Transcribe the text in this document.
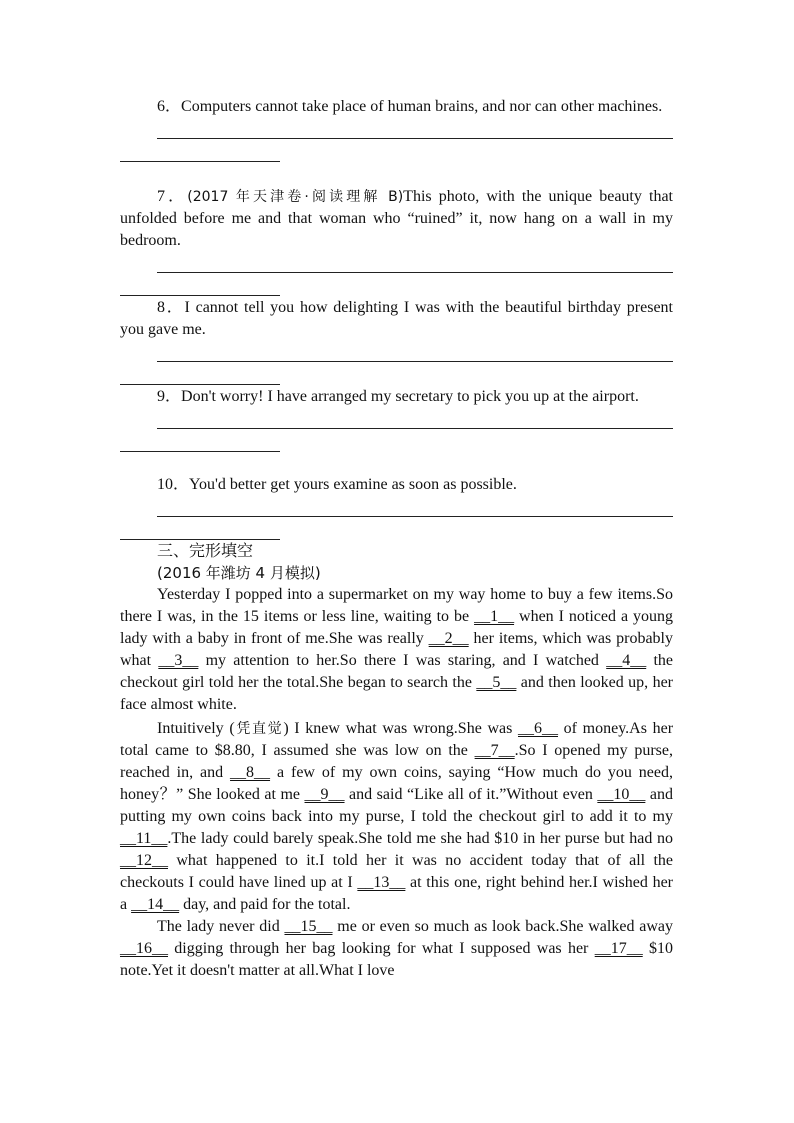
6．Computers cannot take place of human brains, and nor can other machines.

7．(2017 年天津卷·阅读理解 B)This photo, with the unique beauty that unfolded before me and that woman who “ruined” it, now hang on a wall in my bedroom.

8．I cannot tell you how delighting I was with the beautiful birthday present you gave me.

9．Don't worry! I have arranged my secretary to pick you up at the airport.

10．You'd better get yours examine as soon as possible.

三、完形填空
(2016 年潍坊 4 月模拟)

Yesterday I popped into a supermarket on my way home to buy a few items.So there I was, in the 15 items or less line, waiting to be __1__ when I noticed a young lady with a baby in front of me.She was really __2__ her items, which was probably what __3__ my attention to her.So there I was staring, and I watched __4__ the checkout girl told her the total.She began to search the __5__ and then looked up, her face almost white.

Intuitively (凭直觉) I knew what was wrong.She was __6__ of money.As her total came to $8.80, I assumed she was low on the __7__.So I opened my purse, reached in, and __8__ a few of my own coins, saying “How much do you need, honey？” She looked at me __9__ and said “Like all of it.”Without even __10__ and putting my own coins back into my purse, I told the checkout girl to add it to my __11__.The lady could barely speak.She told me she had $10 in her purse but had no __12__ what happened to it.I told her it was no accident today that of all the checkouts I could have lined up at I __13__ at this one, right behind her.I wished her a __14__ day, and paid for the total.

The lady never did __15__ me or even so much as look back.She walked away __16__ digging through her bag looking for what I supposed was her __17__ $10 note.Yet it doesn't matter at all.What I love
